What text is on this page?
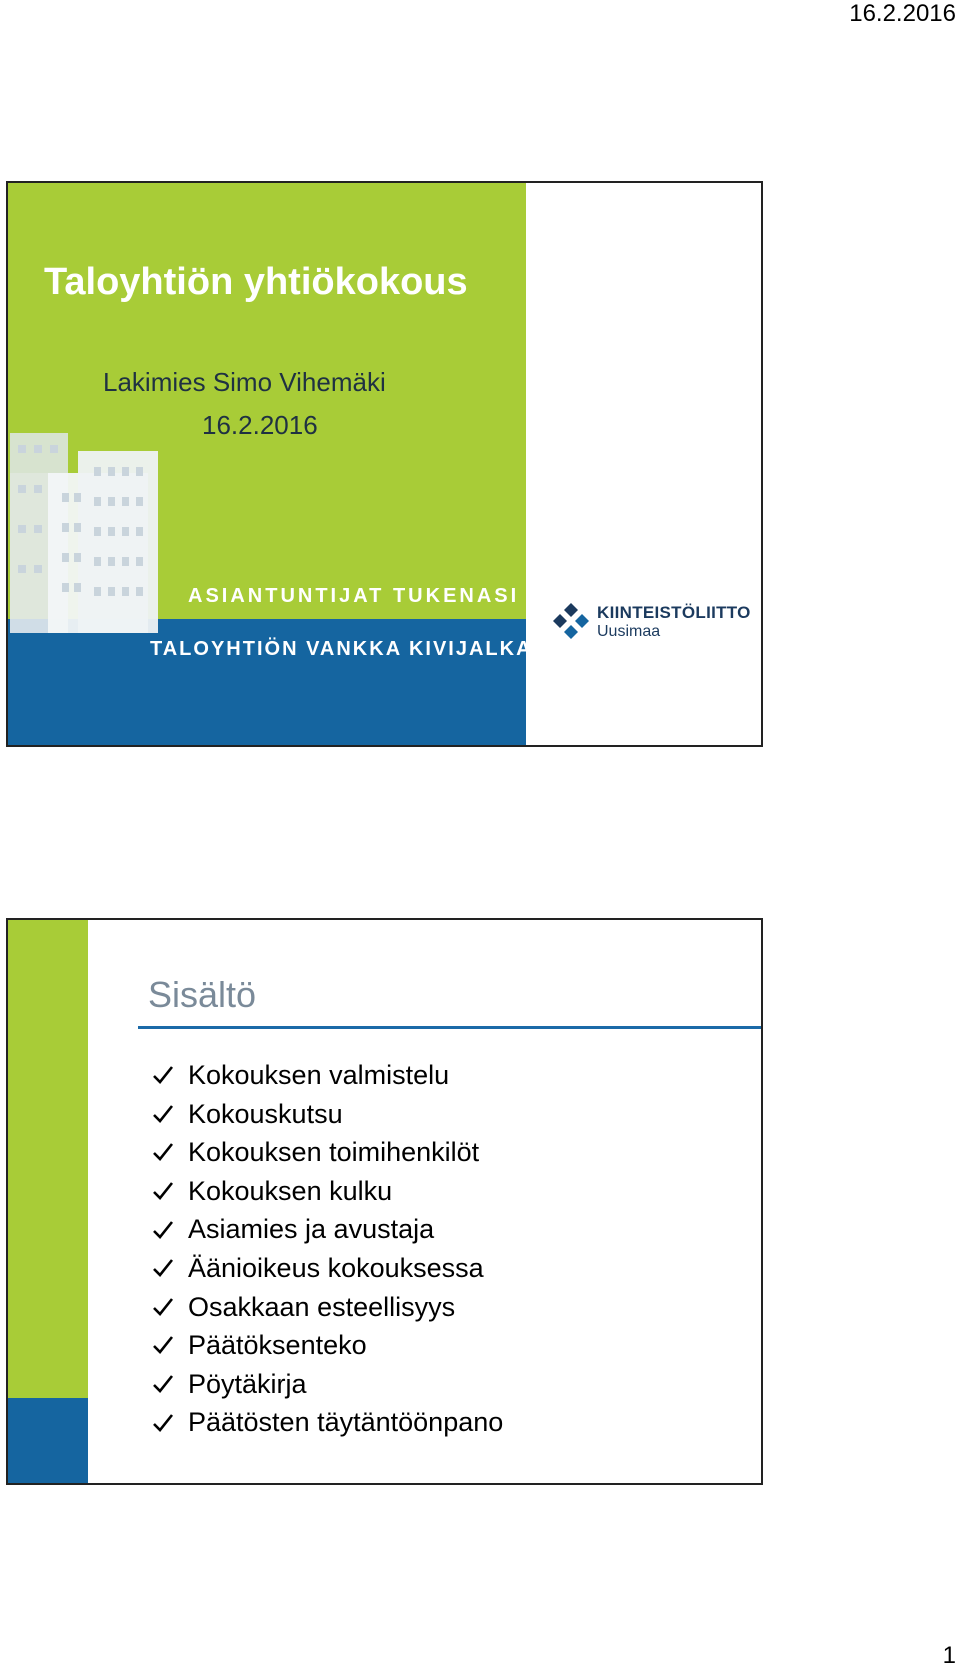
16.2.2016
Taloyhtiön yhtiökokous
Lakimies Simo Vihemäki
16.2.2016
ASIANTUNTIJAT TUKENASI
TALOYHTIÖN VANKKA KIVIJALKA
KIINTEISTÖLIITTO
Uusimaa
Sisältö
Kokouksen valmistelu
Kokouskutsu
Kokouksen toimihenkilöt
Kokouksen kulku
Asiamies ja avustaja
Äänioikeus kokouksessa
Osakkaan esteellisyys
Päätöksenteko
Pöytäkirja
Päätösten täytäntöönpano
1
